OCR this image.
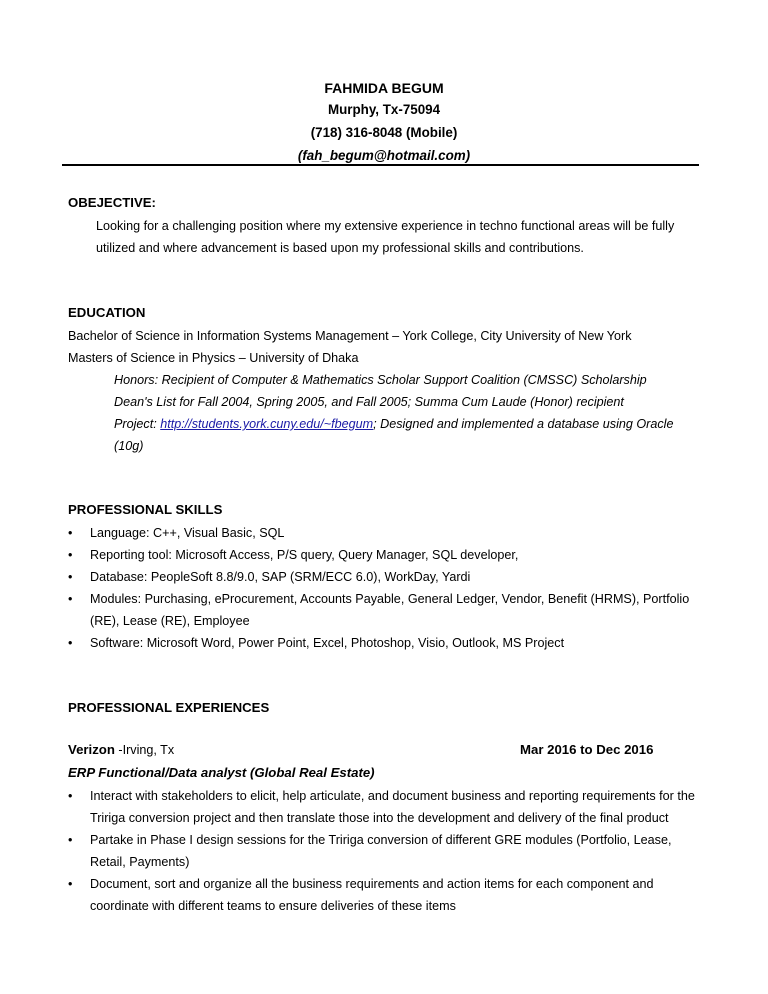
FAHMIDA BEGUM
Murphy, Tx-75094
(718) 316-8048 (Mobile)
(fah_begum@hotmail.com)
OBEJECTIVE:
Looking for a challenging position where my extensive experience in techno functional areas will be fully
utilized and where advancement is based upon my professional skills and contributions.
EDUCATION
Bachelor of Science in Information Systems Management – York College, City University of New York
Masters of Science in Physics – University of Dhaka
Honors: Recipient of Computer & Mathematics Scholar Support Coalition (CMSSC) Scholarship
Dean's List for Fall 2004, Spring 2005, and Fall 2005; Summa Cum Laude (Honor) recipient
Project: http://students.york.cuny.edu/~fbegum; Designed and implemented a database using Oracle
(10g)
PROFESSIONAL SKILLS
• Language: C++, Visual Basic, SQL
• Reporting tool: Microsoft Access, P/S query, Query Manager, SQL developer,
• Database: PeopleSoft 8.8/9.0, SAP (SRM/ECC 6.0), WorkDay, Yardi
• Modules: Purchasing, eProcurement, Accounts Payable, General Ledger, Vendor, Benefit (HRMS), Portfolio
(RE), Lease (RE), Employee
• Software: Microsoft Word, Power Point, Excel, Photoshop, Visio, Outlook, MS Project
PROFESSIONAL EXPERIENCES
Verizon -Irving, Tx	Mar 2016 to Dec 2016
ERP Functional/Data analyst (Global Real Estate)
• Interact with stakeholders to elicit, help articulate, and document business and reporting requirements for the
Tririga conversion project and then translate those into the development and delivery of the final product
• Partake in Phase I design sessions for the Tririga conversion of different GRE modules (Portfolio, Lease,
Retail, Payments)
• Document, sort and organize all the business requirements and action items for each component and
coordinate with different teams to ensure deliveries of these items
